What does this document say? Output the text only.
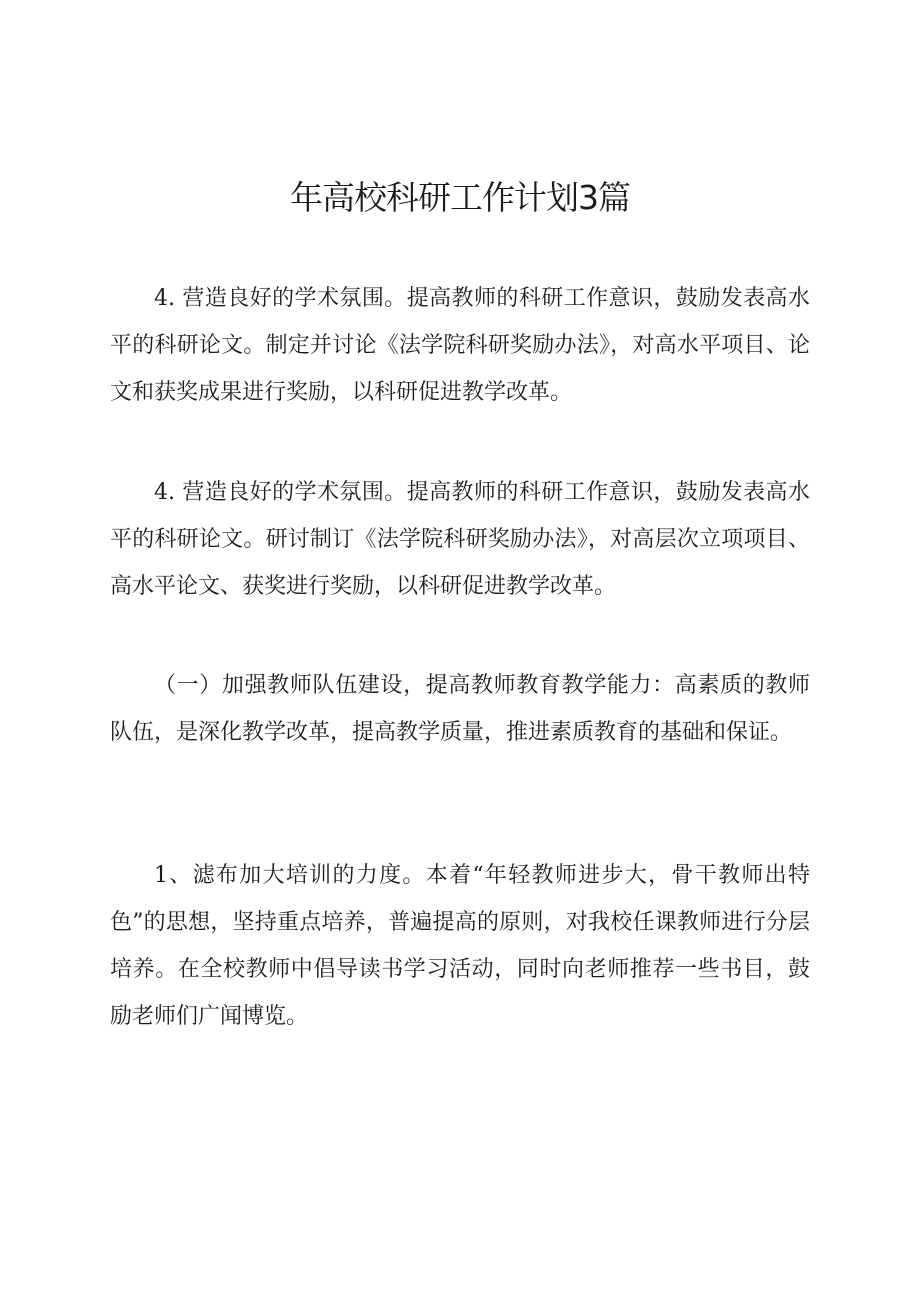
年高校科研工作计划3篇

4. 营造良好的学术氛围。提高教师的科研工作意识，鼓励发表高水平的科研论文。制定并讨论《法学院科研奖励办法》，对高水平项目、论文和获奖成果进行奖励，以科研促进教学改革。

4. 营造良好的学术氛围。提高教师的科研工作意识，鼓励发表高水平的科研论文。研讨制订《法学院科研奖励办法》，对高层次立项项目、高水平论文、获奖进行奖励，以科研促进教学改革。

（一）加强教师队伍建设，提高教师教育教学能力：高素质的教师队伍，是深化教学改革，提高教学质量，推进素质教育的基础和保证。

1、滤布加大培训的力度。本着“年轻教师进步大，骨干教师出特色”的思想，坚持重点培养，普遍提高的原则，对我校任课教师进行分层培养。在全校教师中倡导读书学习活动，同时向老师推荐一些书目，鼓励老师们广闻博览。
